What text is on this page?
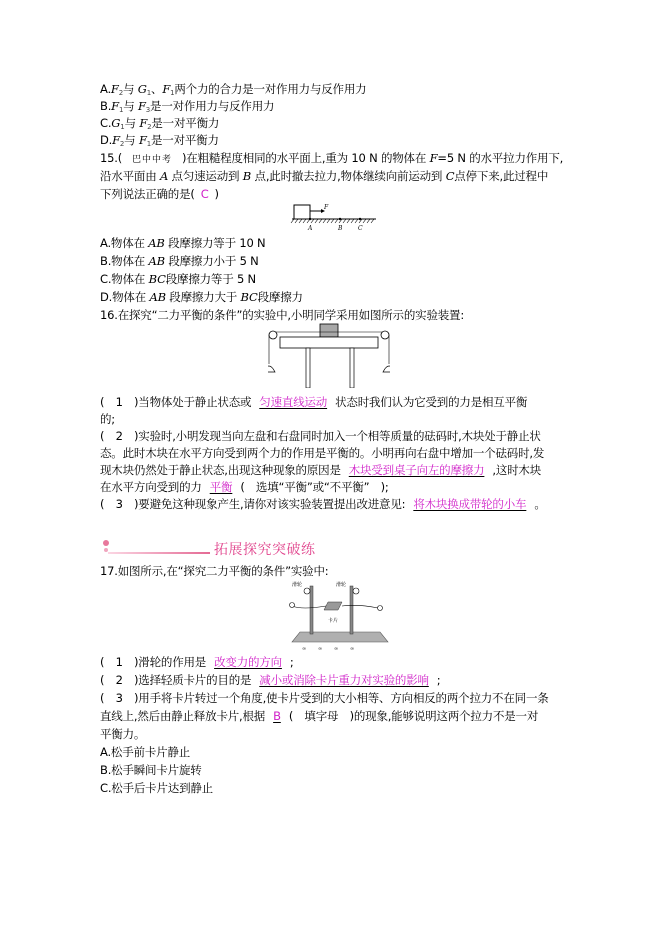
$A.F_2$与 $G_1$、$F_1$两个力的合力是一对作用力与反作用力
$B.F_1$与 $F_3$是一对作用力与反作用力
$C.G_1$与 $F_2$是一对平衡力
$D.F_2$与 $F_1$是一对平衡力
15.( 巴中中考 )在粗糙程度相同的水平面上,重为 10 N 的物体在 F=5 N 的水平拉力作用下,
沿水平面由 A 点匀速运动到 B 点,此时撤去拉力,物体继续向前运动到 C点停下来,此过程中
下列说法正确的是( C )
F
A	B	C
A.物体在 AB 段摩擦力等于 10 N
B.物体在 AB 段摩擦力小于 5 N
C.物体在 BC段摩擦力等于 5 N
D.物体在 AB 段摩擦力大于 BC段摩擦力
16.在探究“二力平衡的条件”的实验中,小明同学采用如图所示的实验装置:
(　1　)当物体处于静止状态或 匀速直线运动 状态时我们认为它受到的力是相互平衡
的;
(　2　)实验时,小明发现当向左盘和右盘同时加入一个相等质量的砝码时,木块处于静止状
态。此时木块在水平方向受到两个力的作用是平衡的。小明再向右盘中增加一个砝码时,发
现木块仍然处于静止状态,出现这种现象的原因是 木块受到桌子向左的摩擦力 ,这时木块
在水平方向受到的力 平衡 (　选填“平衡”或“不平衡”　);
(　3　)要避免这种现象产生,请你对该实验装置提出改进意见: 将木块换成带轮的小车 。
拓展探究突破练
17.如图所示,在“探究二力平衡的条件”实验中:
滑轮	滑轮
卡片
∞ ∞ ∞ ∞
(　1　)滑轮的作用是 改变力的方向 ;
(　2　)选择轻质卡片的目的是 减小或消除卡片重力对实验的影响 ;
(　3　)用手将卡片转过一个角度,使卡片受到的大小相等、方向相反的两个拉力不在同一条
直线上,然后由静止释放卡片,根据 B (　填字母　)的现象,能够说明这两个拉力不是一对
平衡力。
A.松手前卡片静止
B.松手瞬间卡片旋转
C.松手后卡片达到静止
